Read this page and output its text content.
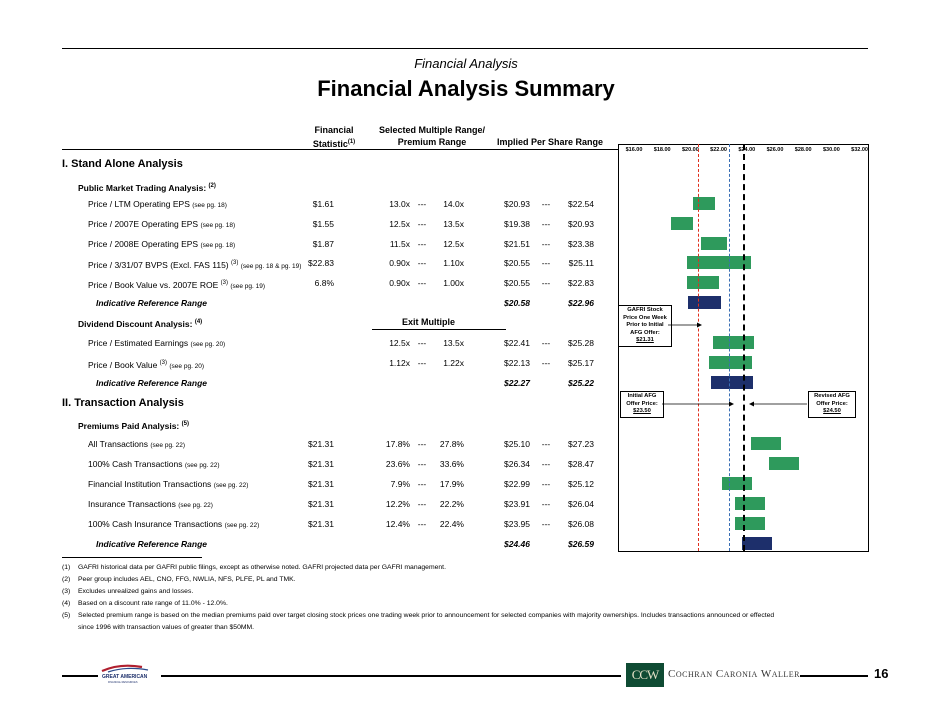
Financial Analysis
Financial Analysis Summary
Financial
Statistic$^{(1)}$
Selected Multiple Range/
Premium Range	Implied Per Share Range
$16.00	$18.00	$20.00	$22.00	$24.00	$26.00	$28.00	$30.00	$32.00
I. Stand Alone Analysis
Public Market Trading Analysis: $^{(2)}$
Dividend Discount Analysis: $^{(4)}$	Exit Multiple
II. Transaction Analysis
Premiums Paid Analysis: $^{(5)}$
Price / LTM Operating EPS (see pg. 18)	$1.61	13.0x ---	14.0x	$20.93	---	$22.54
Price / 2007E Operating EPS (see pg. 18)	$1.55	12.5x ---	13.5x	$19.38	---	$20.93
Price / 2008E Operating EPS (see pg. 18)	$1.87	11.5x ---	12.5x	$21.51	---	$23.38
Price / 3/31/07 BVPS (Excl. FAS 115) $^{(3)}$ (see pg. 18 & pg. 19) $22.83	0.90x ---	1.10x	$20.55	---	$25.11
Price / Book Value vs. 2007E ROE $^{(3)}$ (see pg. 19)	6.8%	0.90x ---	1.00x	$20.55	---	$22.83
Indicative Reference Range	$20.58	$22.96
Price / Estimated Earnings (see pg. 20)	12.5x ---	13.5x	$22.41	---	$25.28
Price / Book Value $^{(3)}$ (see pg. 20)	1.12x ---	1.22x	$22.13	---	$25.17
Indicative Reference Range	$22.27	$25.22
All Transactions (see pg. 22)	$21.31	17.8% ---	27.8%	$25.10	---	$27.23
100% Cash Transactions (see pg. 22)	$21.31	23.6% ---	33.6%	$26.34	---	$28.47
Financial Institution Transactions (see pg. 22)	$21.31	7.9% ---	17.9%	$22.99	---	$25.12
Insurance Transactions (see pg. 22)	$21.31	12.2% ---	22.2%	$23.91	---	$26.04
100% Cash Insurance Transactions (see pg. 22)	$21.31	12.4% ---	22.4%	$23.95	---	$26.08
Indicative Reference Range	$24.46	$26.59
GAFRI Stock
Price One Week
Prior to Initial
AFG Offer:
$21.31
Initial AFG
Offer Price:
$23.50
Revised AFG
Offer Price:
$24.50
(1) GAFRI historical data per GAFRI public filings, except as otherwise noted. GAFRI projected data per GAFRI management.
(2) Peer group includes AEL, CNO, FFG, NWLIA, NFS, PLFE, PL and TMK.
(3) Excludes unrealized gains and losses.
(4) Based on a discount rate range of 11.0% - 12.0%.
(5) Selected premium range is based on the median premiums paid over target closing stock prices one trading week prior to announcement for selected companies with majority ownerships. Includes transactions announced or effected
since 1996 with transaction values of greater than $50MM.
GREAT AMERICAN
FINANCIAL RESOURCES
CCW Cochran Caronia Waller	16
